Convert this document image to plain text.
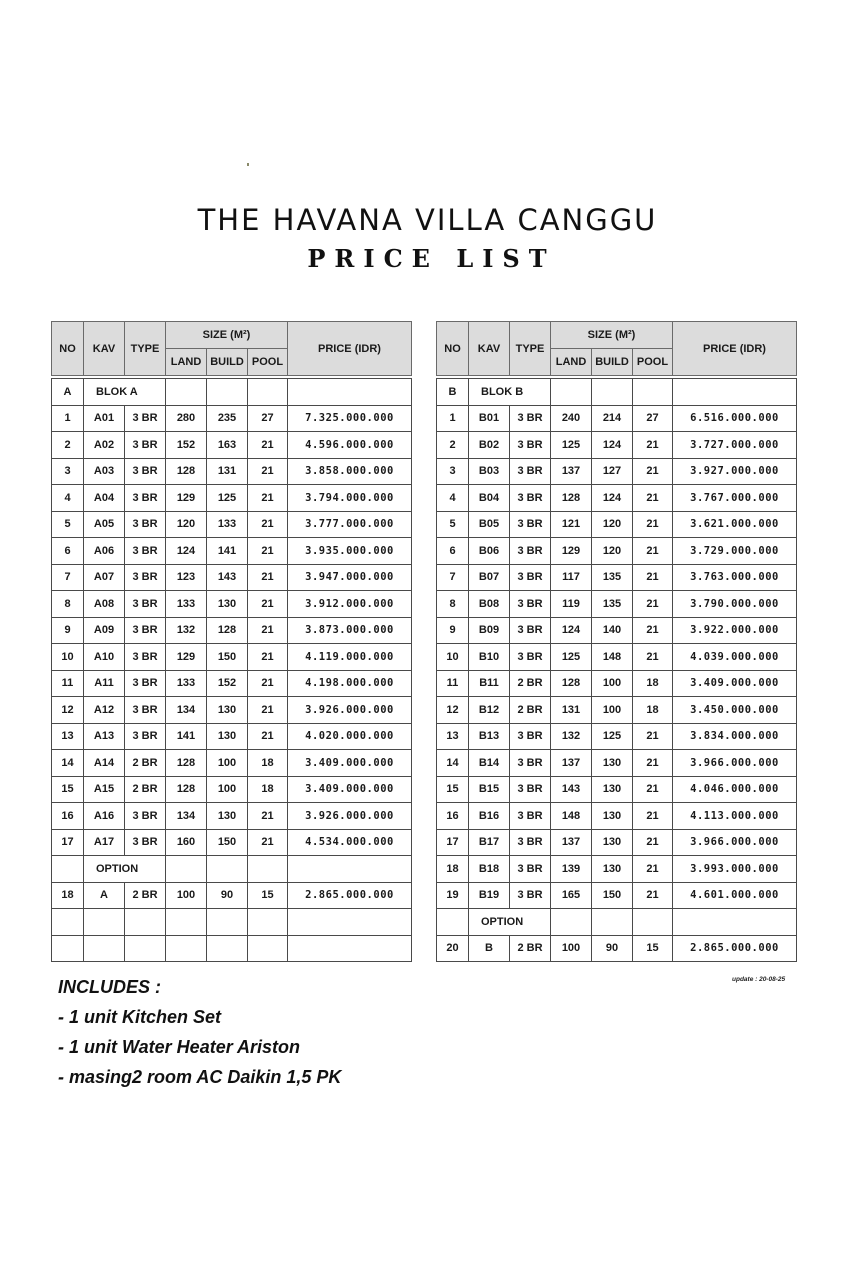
THE HAVANA VILLA CANGGU
PRICE LIST
NO	KAV	TYPE	SIZE (M²)			PRICE (IDR)
			LAND	BUILD	POOL	
A	BLOK A					
1	A01	3 BR	280	235	27	7.325.000.000
2	A02	3 BR	152	163	21	4.596.000.000
3	A03	3 BR	128	131	21	3.858.000.000
4	A04	3 BR	129	125	21	3.794.000.000
5	A05	3 BR	120	133	21	3.777.000.000
6	A06	3 BR	124	141	21	3.935.000.000
7	A07	3 BR	123	143	21	3.947.000.000
8	A08	3 BR	133	130	21	3.912.000.000
9	A09	3 BR	132	128	21	3.873.000.000
10	A10	3 BR	129	150	21	4.119.000.000
11	A11	3 BR	133	152	21	4.198.000.000
12	A12	3 BR	134	130	21	3.926.000.000
13	A13	3 BR	141	130	21	4.020.000.000
14	A14	2 BR	128	100	18	3.409.000.000
15	A15	2 BR	128	100	18	3.409.000.000
16	A16	3 BR	134	130	21	3.926.000.000
17	A17	3 BR	160	150	21	4.534.000.000
	OPTION					
18	A	2 BR	100	90	15	2.865.000.000

NO	KAV	TYPE	SIZE (M²)			PRICE (IDR)
			LAND	BUILD	POOL	
B	BLOK B					
1	B01	3 BR	240	214	27	6.516.000.000
2	B02	3 BR	125	124	21	3.727.000.000
3	B03	3 BR	137	127	21	3.927.000.000
4	B04	3 BR	128	124	21	3.767.000.000
5	B05	3 BR	121	120	21	3.621.000.000
6	B06	3 BR	129	120	21	3.729.000.000
7	B07	3 BR	117	135	21	3.763.000.000
8	B08	3 BR	119	135	21	3.790.000.000
9	B09	3 BR	124	140	21	3.922.000.000
10	B10	3 BR	125	148	21	4.039.000.000
11	B11	2 BR	128	100	18	3.409.000.000
12	B12	2 BR	131	100	18	3.450.000.000
13	B13	3 BR	132	125	21	3.834.000.000
14	B14	3 BR	137	130	21	3.966.000.000
15	B15	3 BR	143	130	21	4.046.000.000
16	B16	3 BR	148	130	21	4.113.000.000
17	B17	3 BR	137	130	21	3.966.000.000
18	B18	3 BR	139	130	21	3.993.000.000
19	B19	3 BR	165	150	21	4.601.000.000
	OPTION					
20	B	2 BR	100	90	15	2.865.000.000
INCLUDES :
- 1 unit Kitchen Set
- 1 unit Water Heater Ariston
- masing2 room AC Daikin 1,5 PK
update : 20-08-25
